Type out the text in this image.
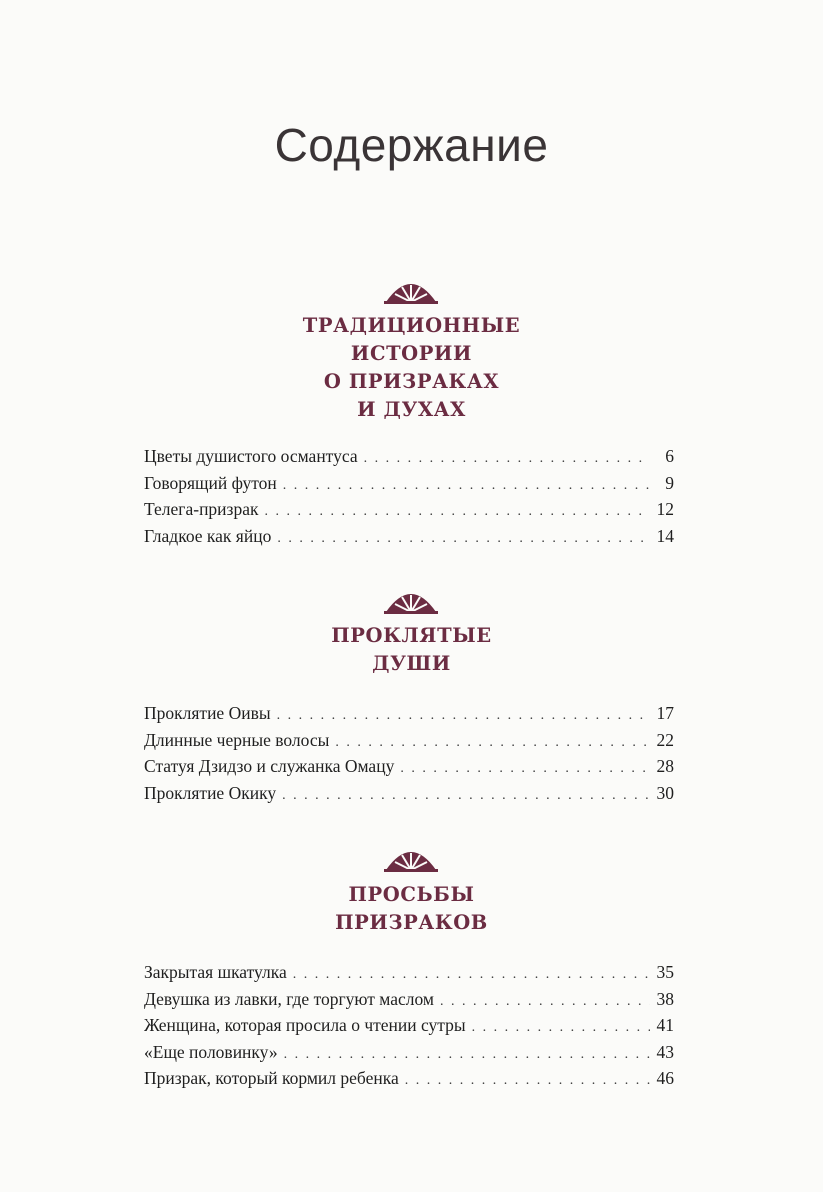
Содержание
ТРАДИЦИОННЫЕ
ИСТОРИИ
О ПРИЗРАКАХ
И ДУХАХ
Цветы душистого османтуса . . .	6
Говорящий футон . . .	9
Телега-призрак . . .	12
Гладкое как яйцо . . .	14
ПРОКЛЯТЫЕ
ДУШИ
Проклятие Оивы . . .	17
Длинные черные волосы . . .	22
Статуя Дзидзо и служанка Омацу . . .	28
Проклятие Окику . . .	30
ПРОСЬБЫ
ПРИЗРАКОВ
Закрытая шкатулка . . .	35
Девушка из лавки, где торгуют маслом . . .	38
Женщина, которая просила о чтении сутры . . .	41
«Еще половинку» . . .	43
Призрак, который кормил ребенка . . .	46
